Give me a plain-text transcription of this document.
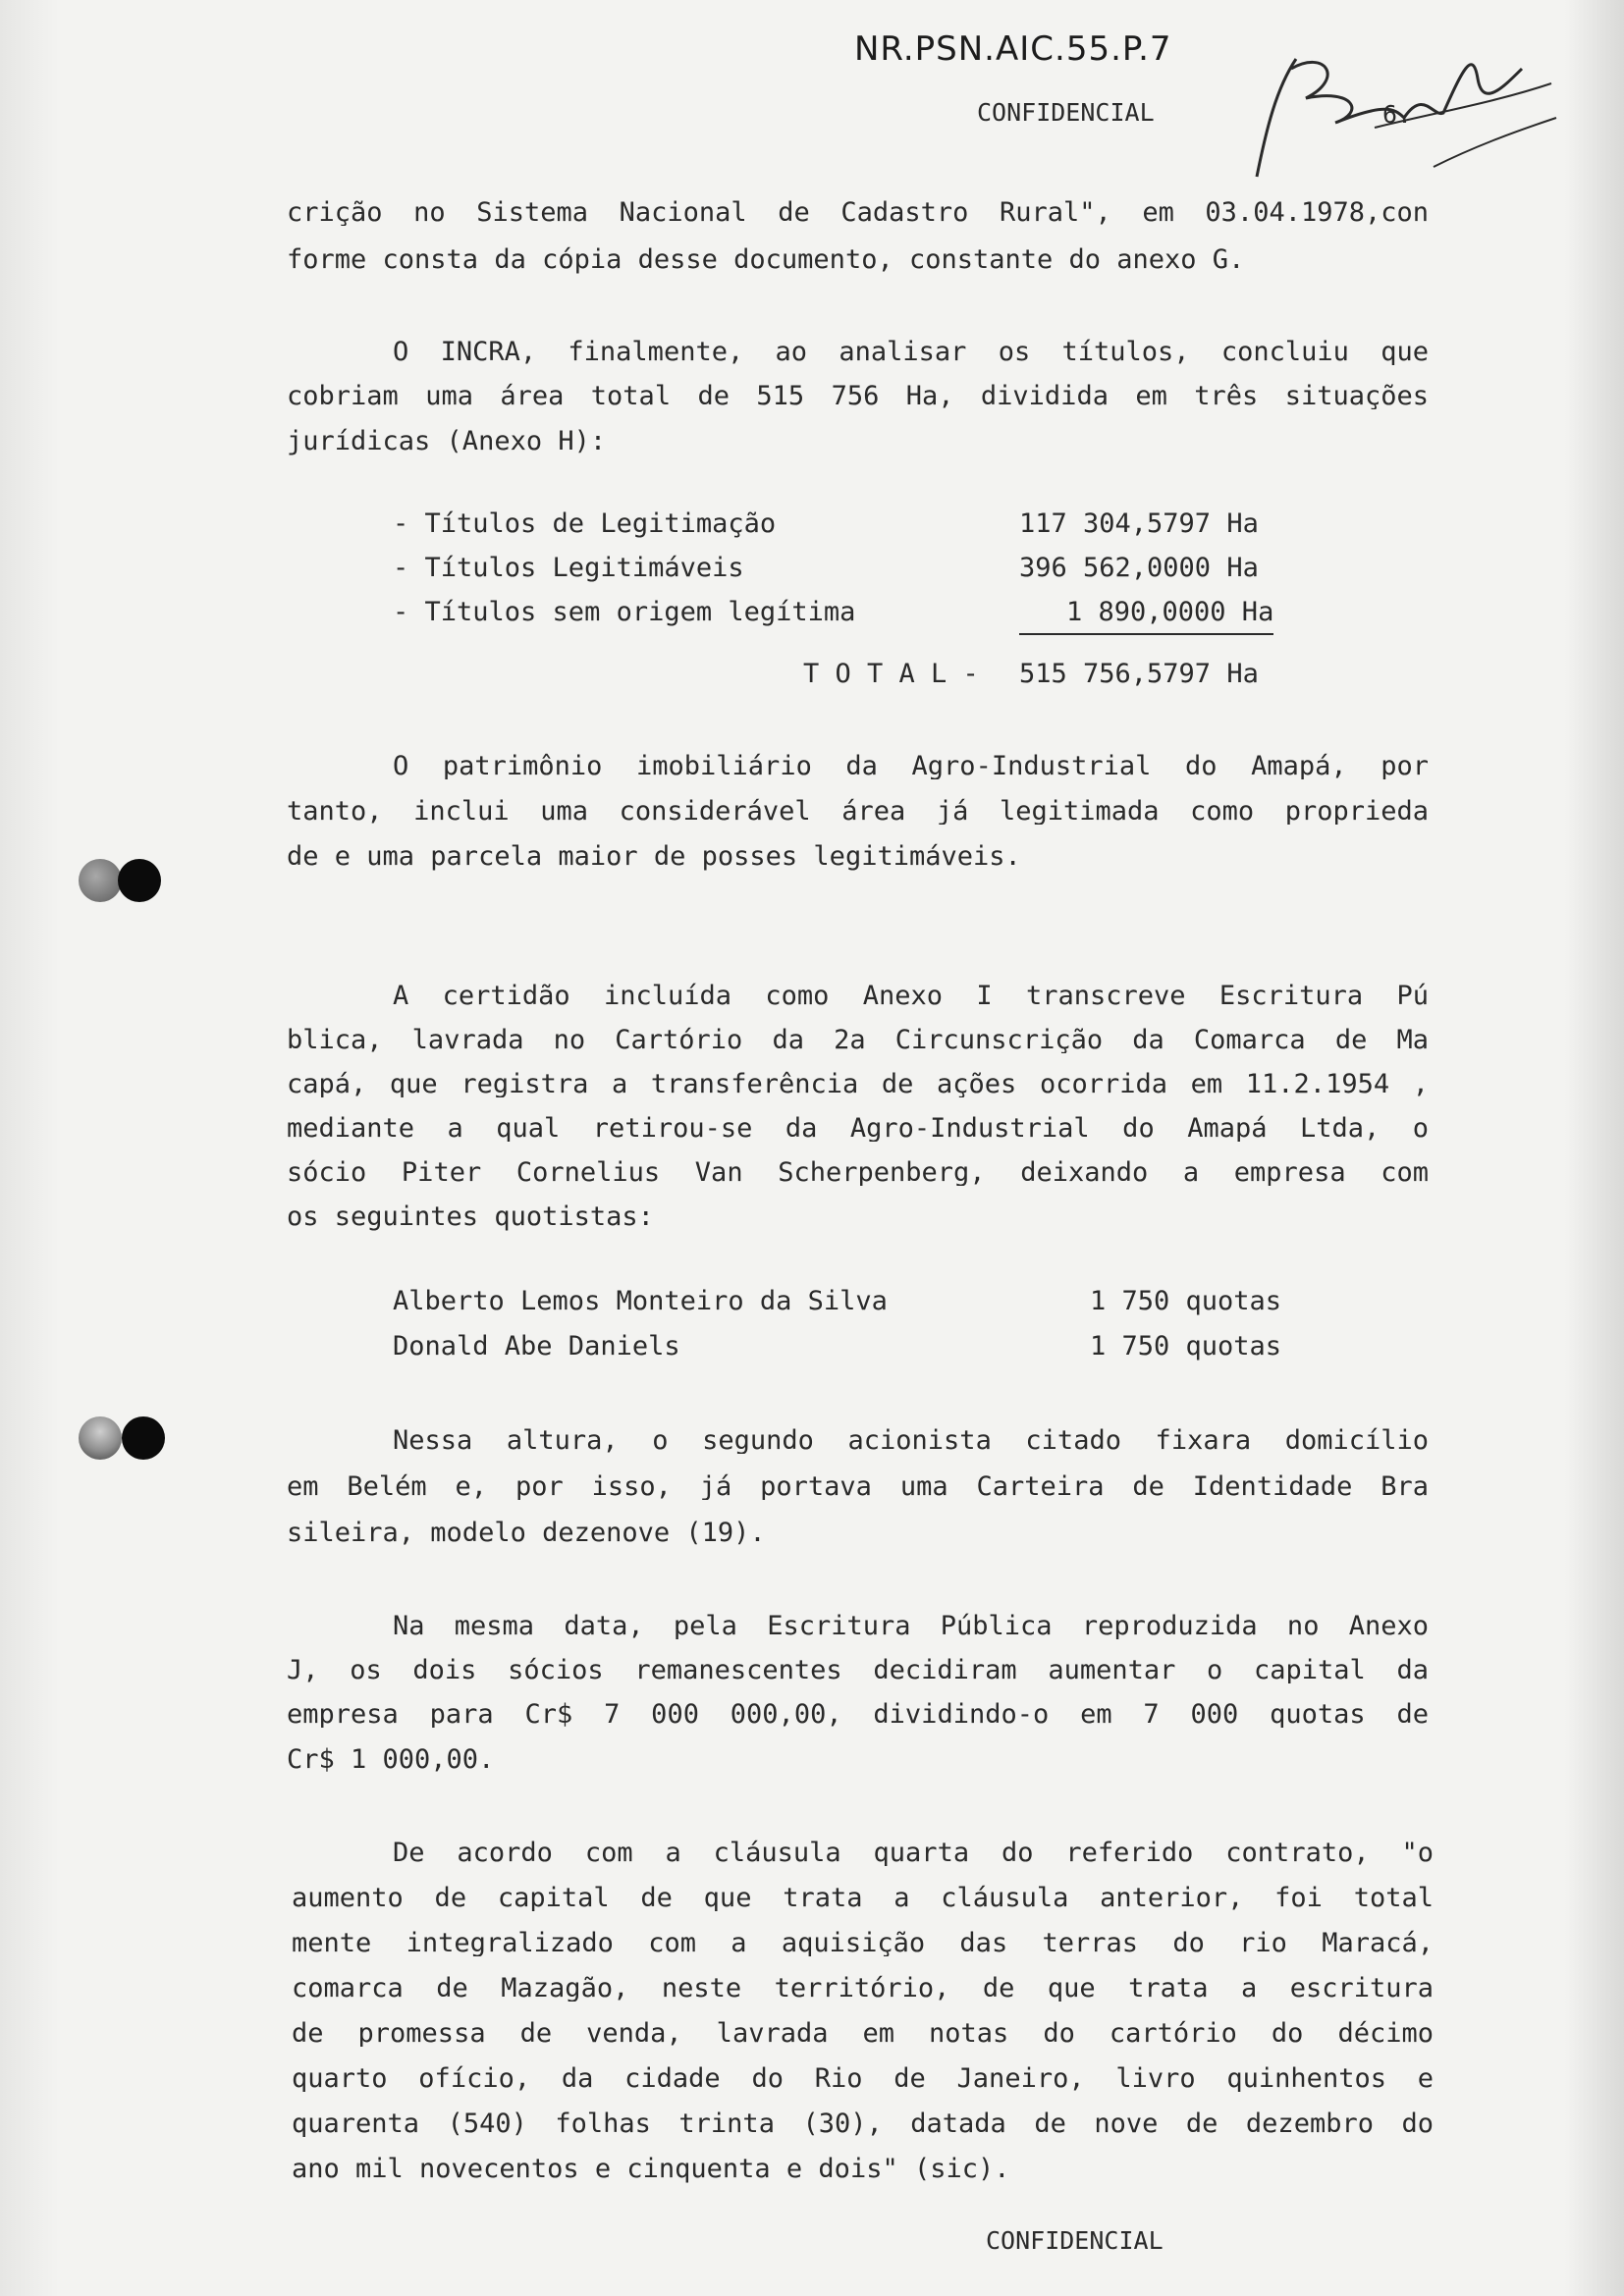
NR.PSN.AIC.55.P.7
CONFIDENCIAL	6.
crição no Sistema Nacional de Cadastro Rural", em 03.04.1978,con
forme consta da cópia desse documento, constante do anexo G.
O INCRA, finalmente, ao analisar os títulos, concluiu que
cobriam uma área total de 515 756 Ha, dividida em três situações
jurídicas (Anexo H):
- Títulos de Legitimação	117 304,5797 Ha
- Títulos Legitimáveis	396 562,0000 Ha
- Títulos sem origem legítima	1 890,0000 Ha
T O T A L - 515 756,5797 Ha
O patrimônio imobiliário da Agro-Industrial do Amapá, por
tanto, inclui uma considerável área já legitimada como proprieda
de e uma parcela maior de posses legitimáveis.
A certidão incluída como Anexo I transcreve Escritura Pú
blica, lavrada no Cartório da 2a Circunscrição da Comarca de Ma
capá, que registra a transferência de ações ocorrida em 11.2.1954 ,
mediante a qual retirou-se da Agro-Industrial do Amapá Ltda, o
sócio Piter Cornelius Van Scherpenberg, deixando a empresa com
os seguintes quotistas:
Alberto Lemos Monteiro da Silva	1 750 quotas
Donald Abe Daniels	1 750 quotas
Nessa altura, o segundo acionista citado fixara domicílio
em Belém e, por isso, já portava uma Carteira de Identidade Bra
sileira, modelo dezenove (19).
Na mesma data, pela Escritura Pública reproduzida no Anexo
J, os dois sócios remanescentes decidiram aumentar o capital da
empresa para Cr$ 7 000 000,00, dividindo-o em 7 000 quotas de
Cr$ 1 000,00.
De acordo com a cláusula quarta do referido contrato, "o
aumento de capital de que trata a cláusula anterior, foi total
mente integralizado com a aquisição das terras do rio Maracá,
comarca de Mazagão, neste território, de que trata a escritura
de promessa de venda, lavrada em notas do cartório do décimo
quarto ofício, da cidade do Rio de Janeiro, livro quinhentos e
quarenta (540) folhas trinta (30), datada de nove de dezembro do
ano mil novecentos e cinquenta e dois" (sic).
CONFIDENCIAL
